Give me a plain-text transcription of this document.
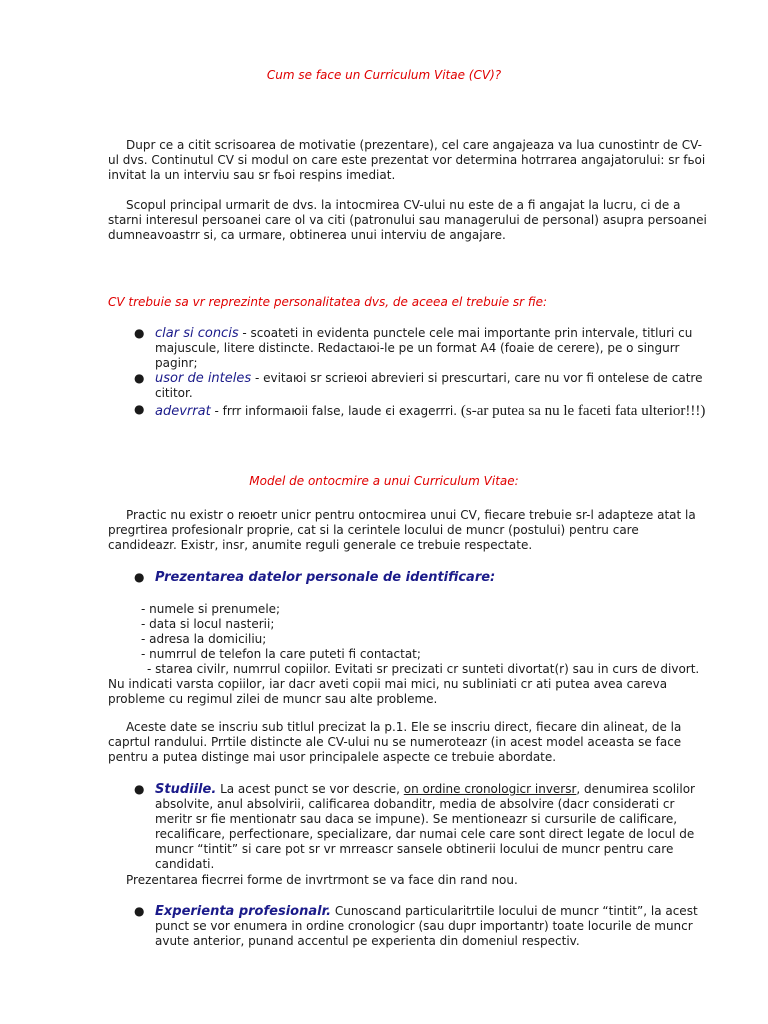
Cum se face un Curriculum Vitae (CV)?
Dupr ce a citit scrisoarea de motivatie (prezentare), cel care angajeaza va lua cunostintr de CV-ul dvs. Continutul CV si modul on care este prezentat vor determina hotrrarea angajatorului: sr fьoi invitat la un interviu sau sr fьoi respins imediat.
Scopul principal urmarit de dvs. la intocmirea CV-ului nu este de a fi angajat la lucru, ci de a starni interesul persoanei care ol va citi (patronului sau managerului de personal) asupra persoanei dumneavoastrr si, ca urmare, obtinerea unui interviu de angajare.
CV trebuie sa vr reprezinte personalitatea dvs, de aceea el trebuie sr fie:
● clar si concis - scoateti in evidenta punctele cele mai importante prin intervale, titluri cu majuscule, litere distincte. Redactaюi-le pe un format A4 (foaie de cerere), pe o singurr paginr;
● usor de inteles - evitaюi sr scrieюi abrevieri si prescurtari, care nu vor fi ontelese de catre cititor.
● adevrrat - frrr informaюii false, laude єi exagerrri. (s-ar putea sa nu le faceti fata ulterior!!!)
Model de ontocmire a unui Curriculum Vitae:
Practic nu existr o reюetr unicr pentru ontocmirea unui CV, fiecare trebuie sr-l adapteze atat la pregrtirea profesionalr proprie, cat si la cerintele locului de muncr (postului) pentru care candideazr. Existr, insr, anumite reguli generale ce trebuie respectate.
● Prezentarea datelor personale de identificare:
- numele si prenumele;
- data si locul nasterii;
- adresa la domiciliu;
- numrrul de telefon la care puteti fi contactat;
- starea civilr, numrrul copiilor. Evitati sr precizati cr sunteti divortat(r) sau in curs de divort. Nu indicati varsta copiilor, iar dacr aveti copii mai mici, nu subliniati cr ati putea avea careva probleme cu regimul zilei de muncr sau alte probleme.
Aceste date se inscriu sub titlul precizat la p.1. Ele se inscriu direct, fiecare din alineat, de la caprtul randului. Prrtile distincte ale CV-ului nu se numeroteazr (in acest model aceasta se face pentru a putea distinge mai usor principalele aspecte ce trebuie abordate.
● Studiile. La acest punct se vor descrie, on ordine cronologicr inversr, denumirea scolilor absolvite, anul absolvirii, calificarea dobanditr, media de absolvire (dacr considerati cr meritr sr fie mentionatr sau daca se impune). Se mentioneazr si cursurile de calificare, recalificare, perfectionare, specializare, dar numai cele care sont direct legate de locul de muncr “tintit” si care pot sr vr mrreascr sansele obtinerii locului de muncr pentru care candidati.
Prezentarea fiecrrei forme de invrtrmont se va face din rand nou.
● Experienta profesionalr. Cunoscand particularitrtile locului de muncr “tintit”, la acest punct se vor enumera in ordine cronologicr (sau dupr importantr) toate locurile de muncr avute anterior, punand accentul pe experienta din domeniul respectiv.
